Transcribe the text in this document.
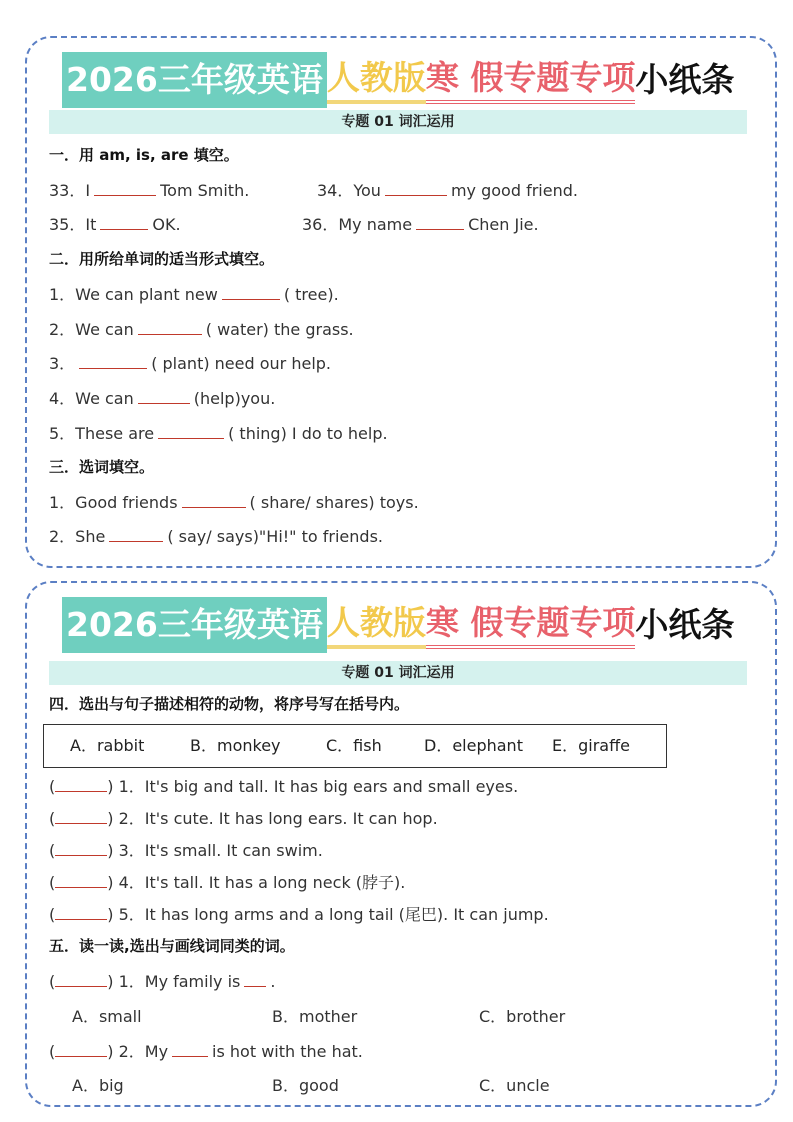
2026三年级英语 人教版 寒 假专题专项 小纸条
专题 01 词汇运用
一．用 am, is, are 填空。
33．I	Tom Smith.	34．You	my good friend.
35．It	OK.	36．My name	Chen Jie.
二．用所给单词的适当形式填空。
1．We can plant new	( tree).
2．We can	( water) the grass.
3．	( plant) need our help.
4．We can	(help)you.
5．These are	( thing) I do to help.
三．选词填空。
1．Good friends	( share/ shares) toys.
2．She	( say/ says)"Hi!" to friends.
2026三年级英语 人教版 寒 假专题专项 小纸条
专题 01 词汇运用
四．选出与句子描述相符的动物，将序号写在括号内。
A．rabbit	B．monkey	C．fish	D．elephant E．giraffe
(	) 1．It's big and tall. It has big ears and small eyes.
(	) 2．It's cute. It has long ears. It can hop.
(	) 3．It's small. It can swim.
(	) 4．It's tall. It has a long neck (脖子).
(	) 5．It has long arms and a long tail (尾巴). It can jump.
五．读一读,选出与画线词同类的词。
(	) 1．My family is .
A．small	B．mother	C．brother
(	) 2．My	is hot with the hat.
A．big	B．good	C．uncle
